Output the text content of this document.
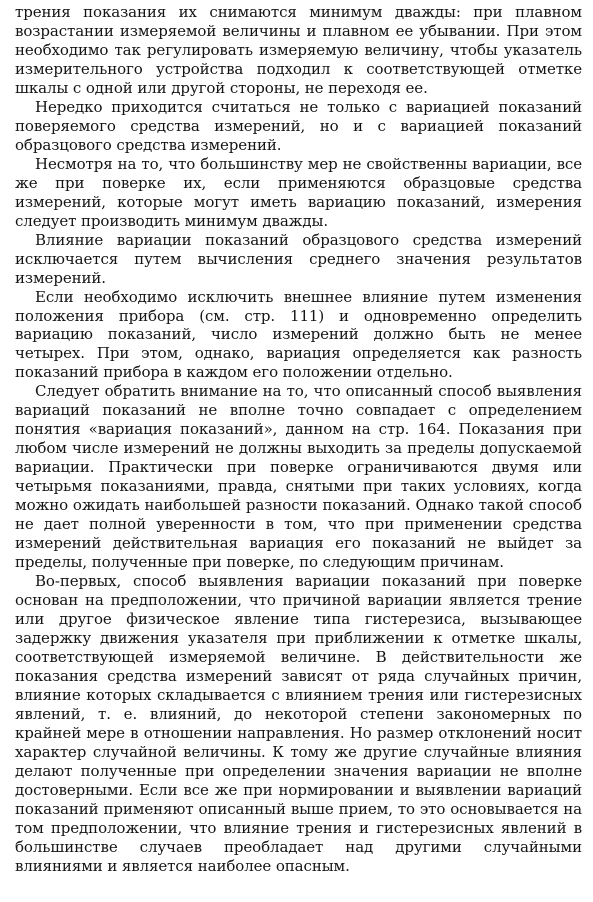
трения показания их снимаются минимум дважды: при плавном возрастании измеряемой величины и плавном ее убывании. При этом необходимо так регулировать измеряемую величину, чтобы указатель измерительного устройства подходил к соответствующей отметке шкалы с одной или другой стороны, не переходя ее.

Нередко приходится считаться не только с вариацией показаний поверяемого средства измерений, но и с вариацией показаний образцового средства измерений.

Несмотря на то, что большинству мер не свойственны вариации, все же при поверке их, если применяются образцовые средства измерений, которые могут иметь вариацию показаний, измерения следует производить минимум дважды.

Влияние вариации показаний образцового средства измерений исключается путем вычисления среднего значения результатов измерений.

Если необходимо исключить внешнее влияние путем изменения положения прибора (см. стр. 111) и одновременно определить вариацию показаний, число измерений должно быть не менее четырех. При этом, однако, вариация определяется как разность показаний прибора в каждом его положении отдельно.

Следует обратить внимание на то, что описанный способ выявления вариаций показаний не вполне точно совпадает с определением понятия «вариация показаний», данном на стр. 164. Показания при любом числе измерений не должны выходить за пределы допускаемой вариации. Практически при поверке ограничиваются двумя или четырьмя показаниями, правда, снятыми при таких условиях, когда можно ожидать наибольшей разности показаний. Однако такой способ не дает полной уверенности в том, что при применении средства измерений действительная вариация его показаний не выйдет за пределы, полученные при поверке, по следующим причинам.

Во-первых, способ выявления вариации показаний при поверке основан на предположении, что причиной вариации является трение или другое физическое явление типа гистерезиса, вызывающее задержку движения указателя при приближении к отметке шкалы, соответствующей измеряемой величине. В действительности же показания средства измерений зависят от ряда случайных причин, влияние которых складывается с влиянием трения или гистерезисных явлений, т. е. влияний, до некоторой степени закономерных по крайней мере в отношении направления. Но размер отклонений носит характер случайной величины. К тому же другие случайные влияния делают полученные при определении значения вариации не вполне достоверными. Если все же при нормировании и выявлении вариаций показаний применяют описанный выше прием, то это основывается на том предположении, что влияние трения и гистерезисных явлений в большинстве случаев преобладает над другими случайными влияниями и является наиболее опасным.
